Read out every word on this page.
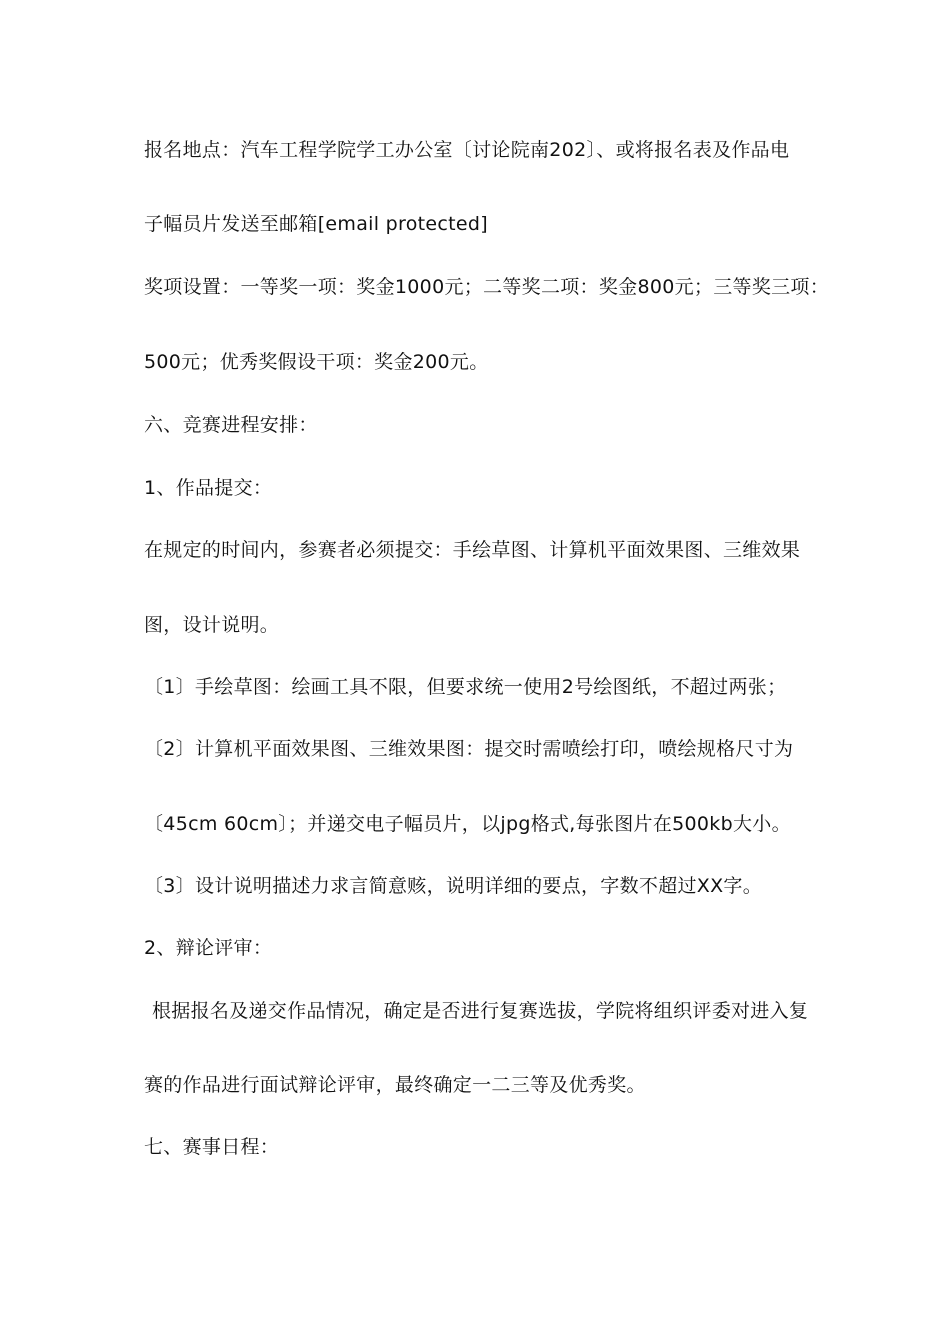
报名地点：汽车工程学院学工办公室〔讨论院南202〕、或将报名表及作品电
子幅员片发送至邮箱[email protected]
奖项设置：一等奖一项：奖金1000元；二等奖二项：奖金800元；三等奖三项：
500元；优秀奖假设干项：奖金200元。
六、竞赛进程安排：
1、作品提交：
在规定的时间内，参赛者必须提交：手绘草图、计算机平面效果图、三维效果
图，设计说明。
〔1〕手绘草图：绘画工具不限，但要求统一使用2号绘图纸，不超过两张；
〔2〕计算机平面效果图、三维效果图：提交时需喷绘打印，喷绘规格尺寸为
〔45cm 60cm〕；并递交电子幅员片，以jpg格式,每张图片在500kb大小。
〔3〕设计说明描述力求言简意赅，说明详细的要点，字数不超过XX字。
2、辩论评审：
根据报名及递交作品情况，确定是否进行复赛选拔，学院将组织评委对进入复
赛的作品进行面试辩论评审，最终确定一二三等及优秀奖。
七、赛事日程：
